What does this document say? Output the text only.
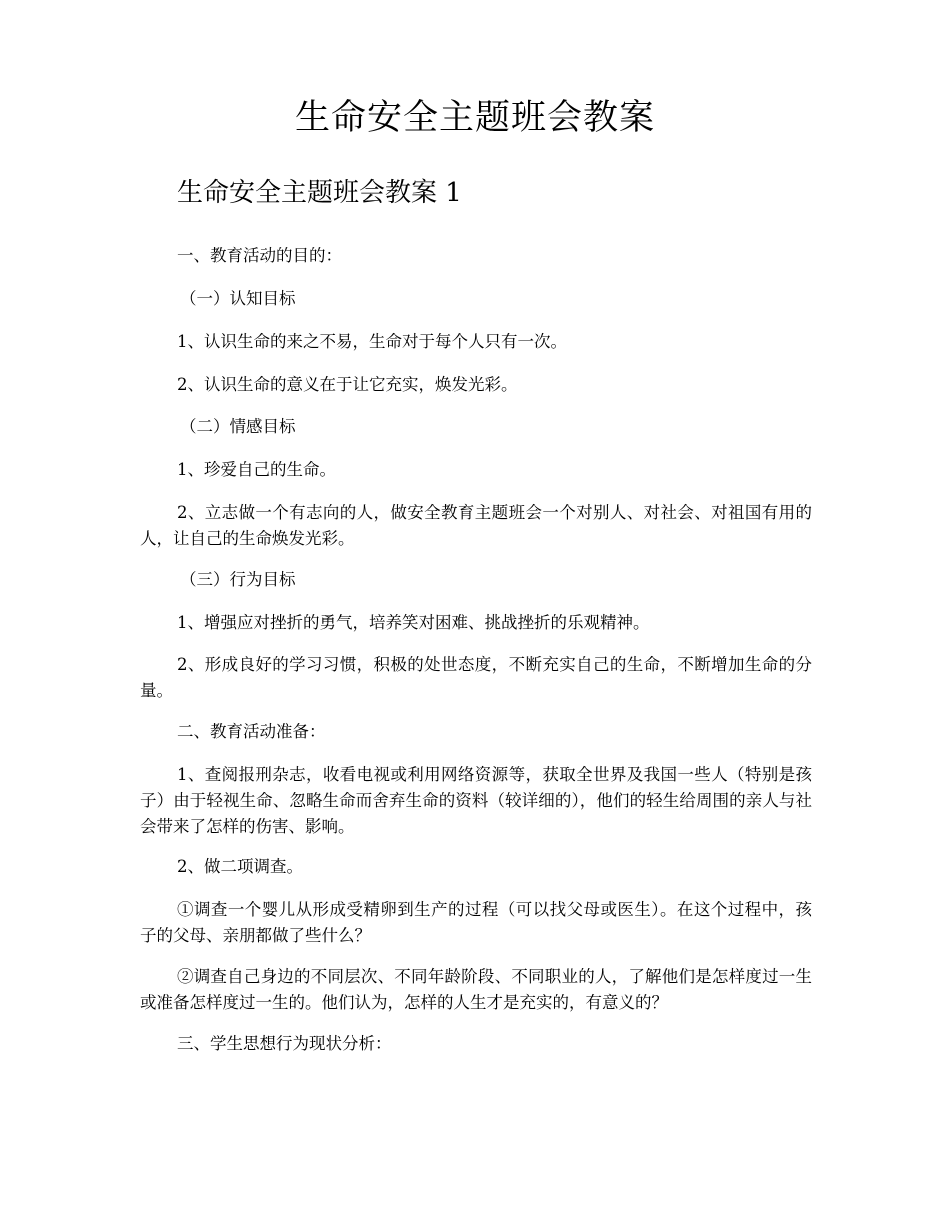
生命安全主题班会教案
生命安全主题班会教案 1

一、教育活动的目的：

（一）认知目标

1、认识生命的来之不易，生命对于每个人只有一次。

2、认识生命的意义在于让它充实，焕发光彩。

（二）情感目标

1、珍爱自己的生命。

2、立志做一个有志向的人，做安全教育主题班会一个对别人、对社会、对祖国有用的人，让自己的生命焕发光彩。

（三）行为目标

1、增强应对挫折的勇气，培养笑对困难、挑战挫折的乐观精神。

2、形成良好的学习习惯，积极的处世态度，不断充实自己的生命，不断增加生命的分量。

二、教育活动准备：

1、查阅报刑杂志，收看电视或利用网络资源等，获取全世界及我国一些人（特别是孩子）由于轻视生命、忽略生命而舍弃生命的资料（较详细的），他们的轻生给周围的亲人与社会带来了怎样的伤害、影响。

2、做二项调查。

①调查一个婴儿从形成受精卵到生产的过程（可以找父母或医生）。在这个过程中，孩子的父母、亲朋都做了些什么？

②调查自己身边的不同层次、不同年龄阶段、不同职业的人，了解他们是怎样度过一生或准备怎样度过一生的。他们认为，怎样的人生才是充实的，有意义的？

三、学生思想行为现状分析：
